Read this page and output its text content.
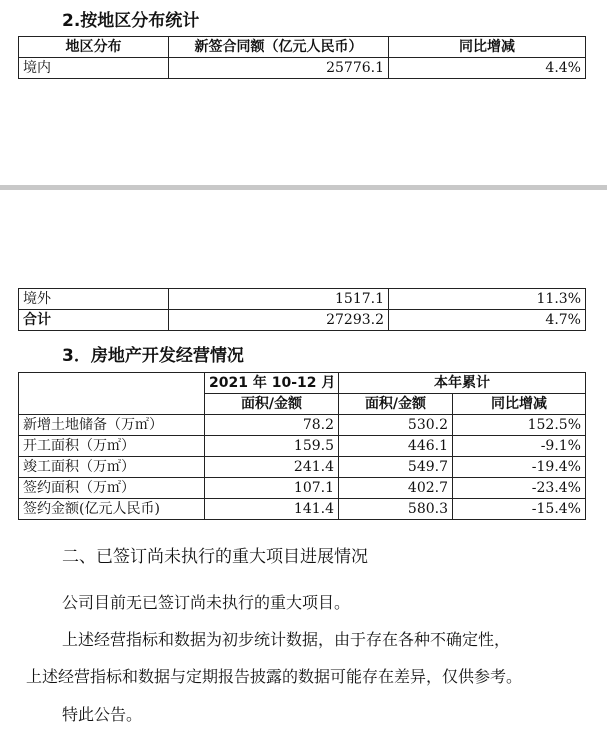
2.按地区分布统计
地区分布	新签合同额（亿元人民币）	同比增减
境内	25776.1	4.4%
境外	1517.1	11.3%
合计	27293.2	4.7%
3．房地产开发经营情况
	2021 年 10-12 月	本年累计	
	面积/金额	面积/金额	同比增减
新增土地储备（万㎡）	78.2	530.2	152.5%
开工面积（万㎡）	159.5	446.1	-9.1%
竣工面积（万㎡）	241.4	549.7	-19.4%
签约面积（万㎡）	107.1	402.7	-23.4%
签约金额(亿元人民币)	141.4	580.3	-15.4%
二、已签订尚未执行的重大项目进展情况
公司目前无已签订尚未执行的重大项目。
上述经营指标和数据为初步统计数据，由于存在各种不确定性，
上述经营指标和数据与定期报告披露的数据可能存在差异，仅供参考。
特此公告。
